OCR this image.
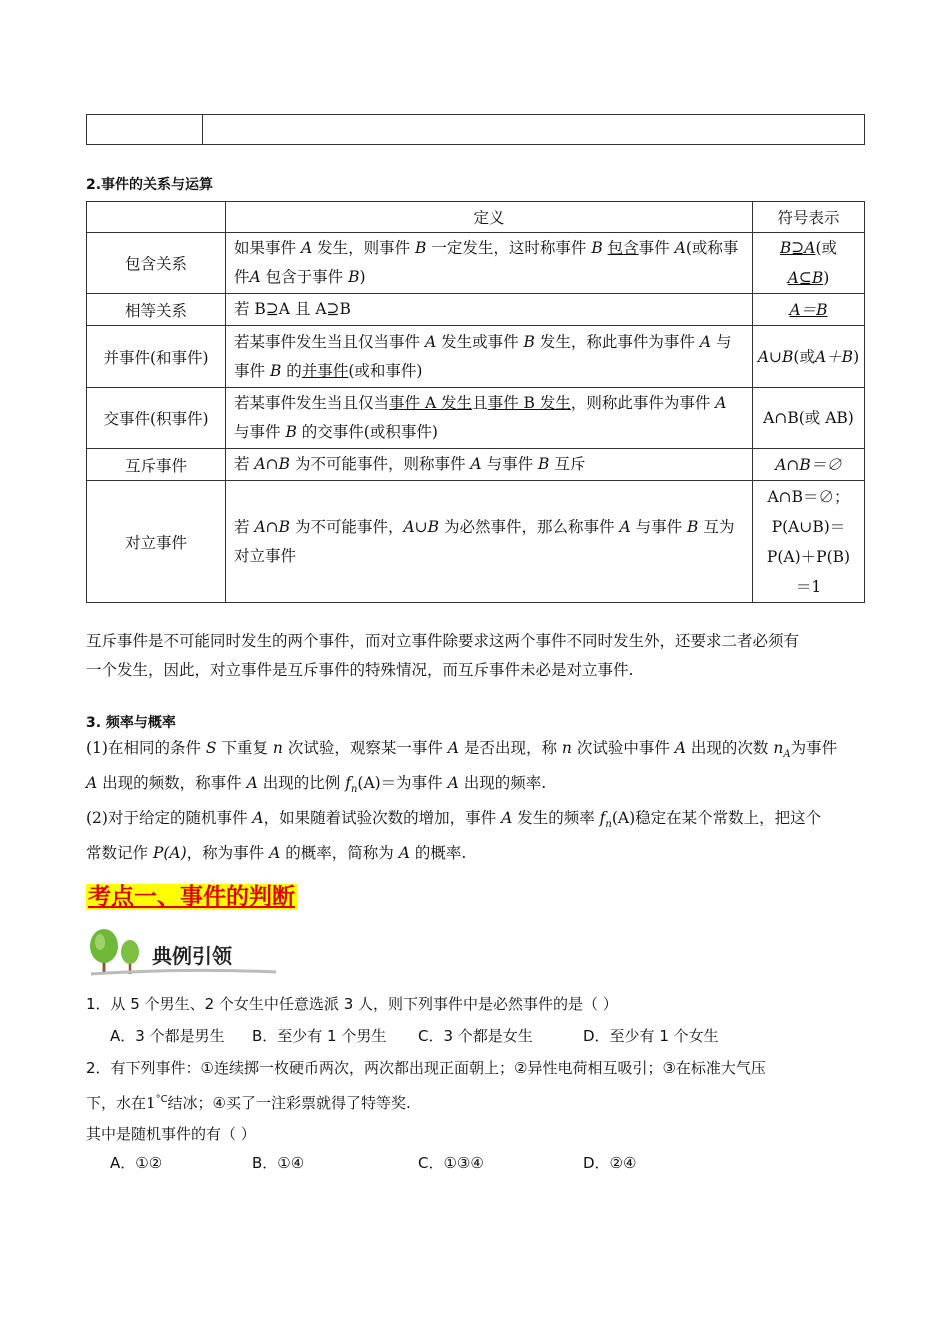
2.事件的关系与运算
	定义	符号表示
包含关系	如果事件 A 发生，则事件 B 一定发生，这时称事件 B 包含事件 A(或称事件A 包含于事件 B)	B⊇A(或
A⊆B)
相等关系	若 B⊇A 且 A⊇B	A＝B
并事件(和事件)	若某事件发生当且仅当事件 A 发生或事件 B 发生，称此事件为事件 A 与事件 B 的并事件(或和事件)	A∪B(或A＋B)
交事件(积事件)	若某事件发生当且仅当事件 A 发生且事件 B 发生，则称此事件为事件 A 与事件 B 的交事件(或积事件)	A∩B(或 AB)
互斥事件	若 A∩B 为不可能事件，则称事件 A 与事件 B 互斥	A∩B＝∅
对立事件	若 A∩B 为不可能事件，A∪B 为必然事件，那么称事件 A 与事件 B 互为对立事件	A∩B＝∅；
P(A∪B)＝
P(A)＋P(B)
＝1
互斥事件是不可能同时发生的两个事件，而对立事件除要求这两个事件不同时发生外，还要求二者必须有
一个发生，因此，对立事件是互斥事件的特殊情况，而互斥事件未必是对立事件.
3. 频率与概率
(1)在相同的条件 S 下重复 n 次试验，观察某一事件 A 是否出现，称 n 次试验中事件 A 出现的次数 $n_A$为事件
A 出现的频数，称事件 A 出现的比例 $f_n(A)=$为事件 A 出现的频率.
(2)对于给定的随机事件 A，如果随着试验次数的增加，事件 A 发生的频率 $f_n(A)$稳定在某个常数上，把这个
常数记作 P(A)，称为事件 A 的概率，简称为 A 的概率.
考点一、事件的判断
典例引领
1．从 5 个男生、2 个女生中任意选派 3 人，则下列事件中是必然事件的是（ ）
A．3 个都是男生 B．至少有 1 个男生 C．3 个都是女生	D．至少有 1 个女生
2．有下列事件：①连续掷一枚硬币两次，两次都出现正面朝上；②异性电荷相互吸引；③在标准大气压
下，水在$1^{^\circ C}$结冰；④买了一注彩票就得了特等奖.
其中是随机事件的有（ ）
A．①②	B．①④	C．①③④	D．②④
